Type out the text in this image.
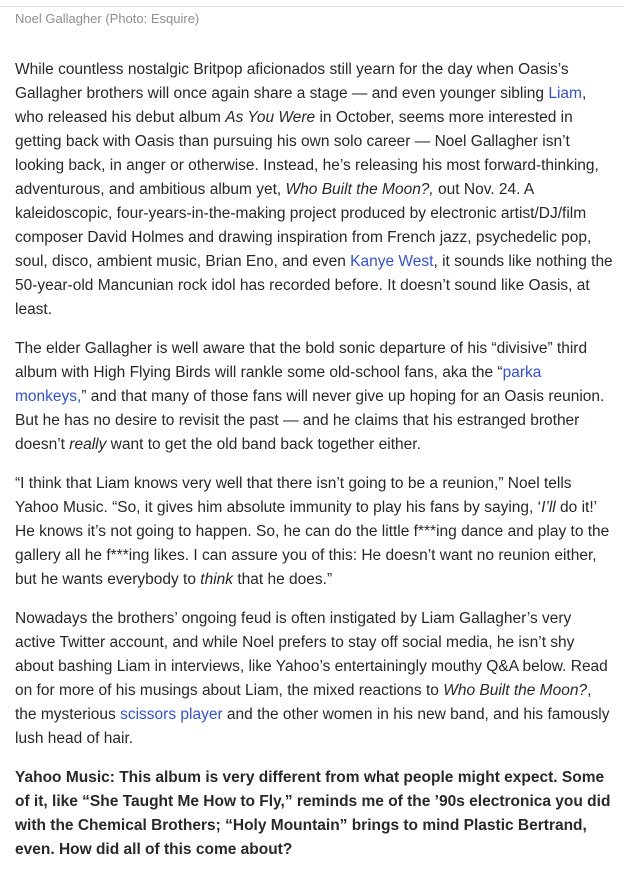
Noel Gallagher (Photo: Esquire)

While countless nostalgic Britpop aficionados still yearn for the day when Oasis’s Gallagher brothers will once again share a stage — and even younger sibling Liam, who released his debut album As You Were in October, seems more interested in getting back with Oasis than pursuing his own solo career — Noel Gallagher isn’t looking back, in anger or otherwise. Instead, he’s releasing his most forward-thinking, adventurous, and ambitious album yet, Who Built the Moon?, out Nov. 24. A kaleidoscopic, four-years-in-the-making project produced by electronic artist/DJ/film composer David Holmes and drawing inspiration from French jazz, psychedelic pop, soul, disco, ambient music, Brian Eno, and even Kanye West, it sounds like nothing the 50-year-old Mancunian rock idol has recorded before. It doesn’t sound like Oasis, at least.

The elder Gallagher is well aware that the bold sonic departure of his “divisive” third album with High Flying Birds will rankle some old-school fans, aka the “parka monkeys,” and that many of those fans will never give up hoping for an Oasis reunion. But he has no desire to revisit the past — and he claims that his estranged brother doesn’t really want to get the old band back together either.

“I think that Liam knows very well that there isn’t going to be a reunion,” Noel tells Yahoo Music. “So, it gives him absolute immunity to play his fans by saying, ‘I’ll do it!’ He knows it’s not going to happen. So, he can do the little f***ing dance and play to the gallery all he f***ing likes. I can assure you of this: He doesn’t want no reunion either, but he wants everybody to think that he does.”

Nowadays the brothers’ ongoing feud is often instigated by Liam Gallagher’s very active Twitter account, and while Noel prefers to stay off social media, he isn’t shy about bashing Liam in interviews, like Yahoo’s entertainingly mouthy Q&A below. Read on for more of his musings about Liam, the mixed reactions to Who Built the Moon?, the mysterious scissors player and the other women in his new band, and his famously lush head of hair.

Yahoo Music: This album is very different from what people might expect. Some of it, like “She Taught Me How to Fly,” reminds me of the ’90s electronica you did with the Chemical Brothers; “Holy Mountain” brings to mind Plastic Bertrand, even. How did all of this come about?
